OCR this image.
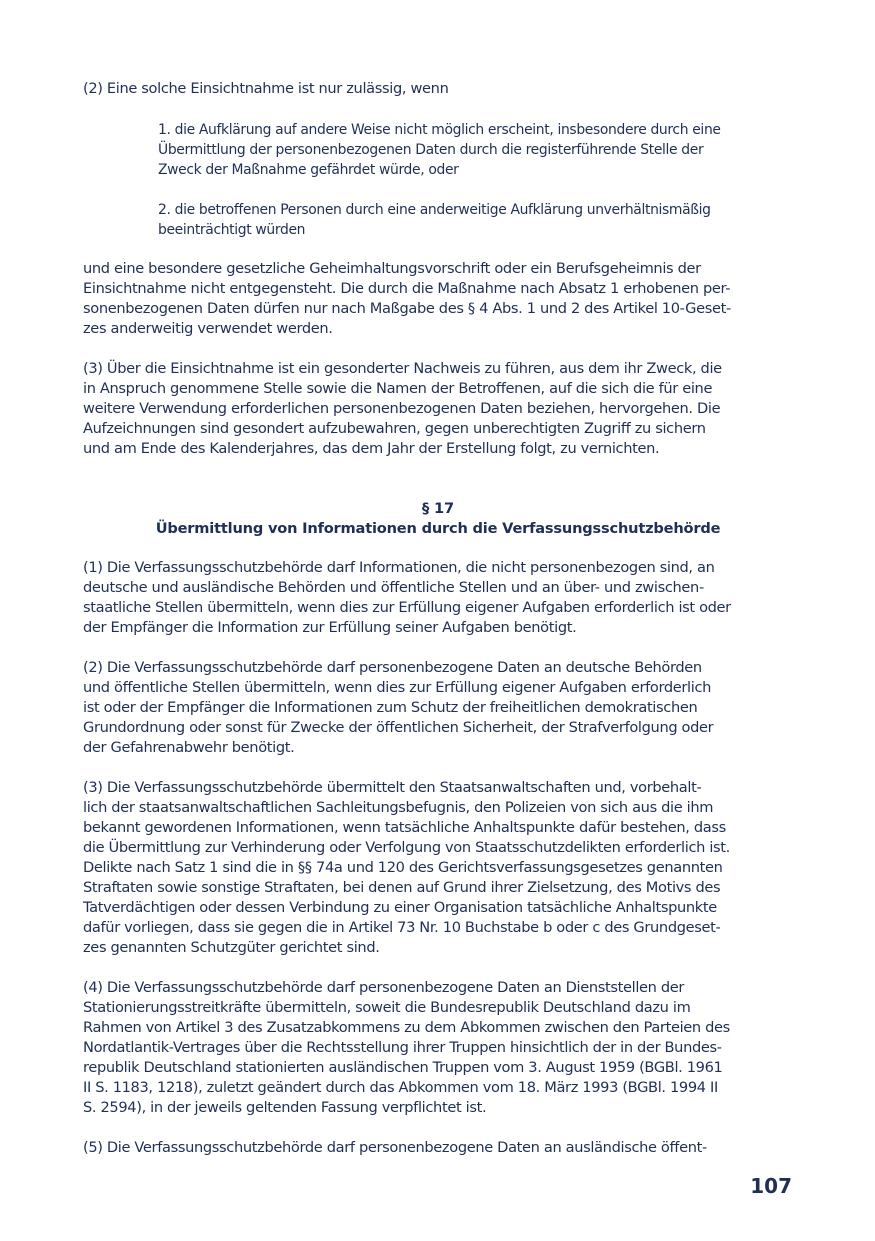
(2) Eine solche Einsichtnahme ist nur zulässig, wenn

1. die Aufklärung auf andere Weise nicht möglich erscheint, insbesondere durch eine
Übermittlung der personenbezogenen Daten durch die registerführende Stelle der
Zweck der Maßnahme gefährdet würde, oder

2. die betroffenen Personen durch eine anderweitige Aufklärung unverhältnismäßig
beeinträchtigt würden

und eine besondere gesetzliche Geheimhaltungsvorschrift oder ein Berufsgeheimnis der
Einsichtnahme nicht entgegensteht. Die durch die Maßnahme nach Absatz 1 erhobenen per-
sonenbezogenen Daten dürfen nur nach Maßgabe des § 4 Abs. 1 und 2 des Artikel 10-Geset-
zes anderweitig verwendet werden.

(3) Über die Einsichtnahme ist ein gesonderter Nachweis zu führen, aus dem ihr Zweck, die
in Anspruch genommene Stelle sowie die Namen der Betroffenen, auf die sich die für eine
weitere Verwendung erforderlichen personenbezogenen Daten beziehen, hervorgehen. Die
Aufzeichnungen sind gesondert aufzubewahren, gegen unberechtigten Zugriff zu sichern
und am Ende des Kalenderjahres, das dem Jahr der Erstellung folgt, zu vernichten.

§ 17
Übermittlung von Informationen durch die Verfassungsschutzbehörde

(1) Die Verfassungsschutzbehörde darf Informationen, die nicht personenbezogen sind, an
deutsche und ausländische Behörden und öffentliche Stellen und an über- und zwischen-
staatliche Stellen übermitteln, wenn dies zur Erfüllung eigener Aufgaben erforderlich ist oder
der Empfänger die Information zur Erfüllung seiner Aufgaben benötigt.

(2) Die Verfassungsschutzbehörde darf personenbezogene Daten an deutsche Behörden
und öffentliche Stellen übermitteln, wenn dies zur Erfüllung eigener Aufgaben erforderlich
ist oder der Empfänger die Informationen zum Schutz der freiheitlichen demokratischen
Grundordnung oder sonst für Zwecke der öffentlichen Sicherheit, der Strafverfolgung oder
der Gefahrenabwehr benötigt.

(3) Die Verfassungsschutzbehörde übermittelt den Staatsanwaltschaften und, vorbehalt-
lich der staatsanwaltschaftlichen Sachleitungsbefugnis, den Polizeien von sich aus die ihm
bekannt gewordenen Informationen, wenn tatsächliche Anhaltspunkte dafür bestehen, dass
die Übermittlung zur Verhinderung oder Verfolgung von Staatsschutzdelikten erforderlich ist.
Delikte nach Satz 1 sind die in §§ 74a und 120 des Gerichtsverfassungsgesetzes genannten
Straftaten sowie sonstige Straftaten, bei denen auf Grund ihrer Zielsetzung, des Motivs des
Tatverdächtigen oder dessen Verbindung zu einer Organisation tatsächliche Anhaltspunkte
dafür vorliegen, dass sie gegen die in Artikel 73 Nr. 10 Buchstabe b oder c des Grundgeset-
zes genannten Schutzgüter gerichtet sind.

(4) Die Verfassungsschutzbehörde darf personenbezogene Daten an Dienststellen der
Stationierungsstreitkräfte übermitteln, soweit die Bundesrepublik Deutschland dazu im
Rahmen von Artikel 3 des Zusatzabkommens zu dem Abkommen zwischen den Parteien des
Nordatlantik-Vertrages über die Rechtsstellung ihrer Truppen hinsichtlich der in der Bundes-
republik Deutschland stationierten ausländischen Truppen vom 3. August 1959 (BGBl. 1961
II S. 1183, 1218), zuletzt geändert durch das Abkommen vom 18. März 1993 (BGBl. 1994 II
S. 2594), in der jeweils geltenden Fassung verpflichtet ist.

(5) Die Verfassungsschutzbehörde darf personenbezogene Daten an ausländische öffent-

107
